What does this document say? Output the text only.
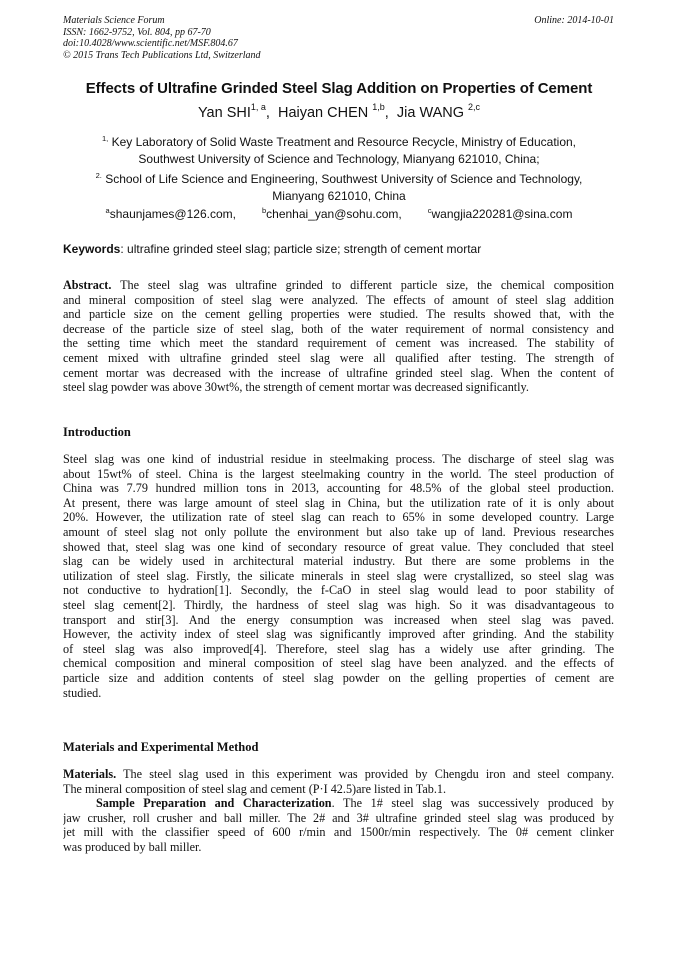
Materials Science Forum
ISSN: 1662-9752, Vol. 804, pp 67-70
doi:10.4028/www.scientific.net/MSF.804.67
© 2015 Trans Tech Publications Ltd, Switzerland
Online: 2014-10-01
Effects of Ultrafine Grinded Steel Slag Addition on Properties of Cement
Yan SHI$^{1, a}$,  Haiyan CHEN $^{1,b}$,  Jia WANG $^{2,c}$
$^{1,}$ Key Laboratory of Solid Waste Treatment and Resource Recycle, Ministry of Education,
Southwest University of Science and Technology, Mianyang 621010, China;
$^{2.}$ School of Life Science and Engineering, Southwest University of Science and Technology,
Mianyang 621010, China
$^a$shaunjames@126.com,	$^b$chenhai_yan@sohu.com,	$^c$wangjia220281@sina.com
Keywords: ultrafine grinded steel slag; particle size; strength of cement mortar
Abstract. The steel slag was ultrafine grinded to different particle size, the chemical composition
and mineral composition of steel slag were analyzed. The effects of amount of steel slag addition
and particle size on the cement gelling properties were studied. The results showed that, with the
decrease of the particle size of steel slag, both of the water requirement of normal consistency and
the setting time which meet the standard requirement of cement was increased. The stability of
cement mixed with ultrafine grinded steel slag were all qualified after testing. The strength of
cement mortar was decreased with the increase of ultrafine grinded steel slag. When the content of
steel slag powder was above 30wt%, the strength of cement mortar was decreased significantly.
Introduction
Steel slag was one kind of industrial residue in steelmaking process. The discharge of steel slag was
about 15wt% of steel. China is the largest steelmaking country in the world. The steel production of
China was 7.79 hundred million tons in 2013, accounting for 48.5% of the global steel production.
At present, there was large amount of steel slag in China, but the utilization rate of it is only about
20%. However, the utilization rate of steel slag can reach to 65% in some developed country. Large
amount of steel slag not only pollute the environment but also take up of land. Previous researches
showed that, steel slag was one kind of secondary resource of great value. They concluded that steel
slag can be widely used in architectural material industry. But there are some problems in the
utilization of steel slag. Firstly, the silicate minerals in steel slag were crystallized, so steel slag was
not conductive to hydration[1]. Secondly, the f-CaO in steel slag would lead to poor stability of
steel slag cement[2]. Thirdly, the hardness of steel slag was high. So it was disadvantageous to
transport and stir[3]. And the energy consumption was increased when steel slag was paved.
However, the activity index of steel slag was significantly improved after grinding. And the stability
of steel slag was also improved[4]. Therefore, steel slag has a widely use after grinding. The
chemical composition and mineral composition of steel slag have been analyzed. and the effects of
particle size and addition contents of steel slag powder on the gelling properties of cement are
studied.
Materials and Experimental Method
Materials. The steel slag used in this experiment was provided by Chengdu iron and steel company.
The mineral composition of steel slag and cement (P·I 42.5)are listed in Tab.1.
Sample Preparation and Characterization. The 1# steel slag was successively produced by
jaw crusher, roll crusher and ball miller. The 2# and 3# ultrafine grinded steel slag was produced by
jet mill with the classifier speed of 600 r/min and 1500r/min respectively. The 0# cement clinker
was produced by ball miller.
